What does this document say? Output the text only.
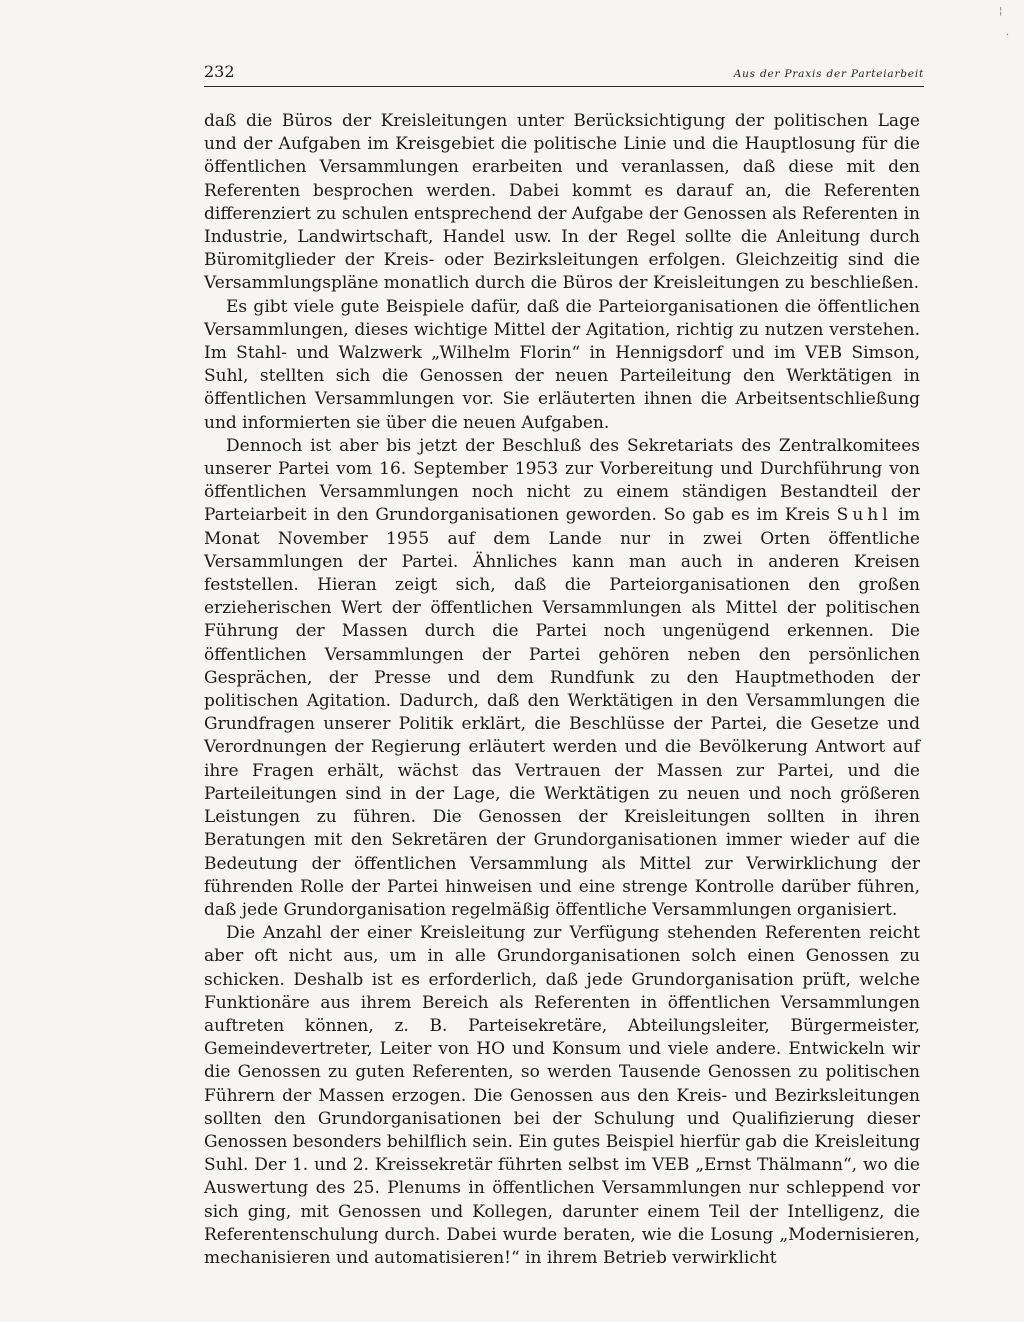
¦
·
232	Aus der Praxis der Parteiarbeit

daß die Büros der Kreisleitungen unter Berücksichtigung der politischen Lage und der Aufgaben im Kreisgebiet die politische Linie und die Hauptlosung für die öffentlichen Versammlungen erarbeiten und veranlassen, daß diese mit den Referenten besprochen werden. Dabei kommt es darauf an, die Referenten differenziert zu schulen entsprechend der Aufgabe der Genossen als Referenten in Industrie, Landwirtschaft, Handel usw. In der Regel sollte die Anleitung durch Büromitglieder der Kreis- oder Bezirksleitungen erfolgen. Gleichzeitig sind die Versammlungspläne monatlich durch die Büros der Kreisleitungen zu beschließen.

Es gibt viele gute Beispiele dafür, daß die Parteiorganisationen die öffentlichen Versammlungen, dieses wichtige Mittel der Agitation, richtig zu nutzen verstehen. Im Stahl- und Walzwerk „Wilhelm Florin“ in Hennigsdorf und im VEB Simson, Suhl, stellten sich die Genossen der neuen Parteileitung den Werktätigen in öffentlichen Versammlungen vor. Sie erläuterten ihnen die Arbeitsentschließung und informierten sie über die neuen Aufgaben.

Dennoch ist aber bis jetzt der Beschluß des Sekretariats des Zentralkomitees unserer Partei vom 16. September 1953 zur Vorbereitung und Durchführung von öffentlichen Versammlungen noch nicht zu einem ständigen Bestandteil der Parteiarbeit in den Grundorganisationen geworden. So gab es im Kreis Suhl im Monat November 1955 auf dem Lande nur in zwei Orten öffentliche Versammlungen der Partei. Ähnliches kann man auch in anderen Kreisen feststellen. Hieran zeigt sich, daß die Parteiorganisationen den großen erzieherischen Wert der öffentlichen Versammlungen als Mittel der politischen Führung der Massen durch die Partei noch ungenügend erkennen. Die öffentlichen Versammlungen der Partei gehören neben den persönlichen Gesprächen, der Presse und dem Rundfunk zu den Hauptmethoden der politischen Agitation. Dadurch, daß den Werktätigen in den Versammlungen die Grundfragen unserer Politik erklärt, die Beschlüsse der Partei, die Gesetze und Verordnungen der Regierung erläutert werden und die Bevölkerung Antwort auf ihre Fragen erhält, wächst das Vertrauen der Massen zur Partei, und die Parteileitungen sind in der Lage, die Werktätigen zu neuen und noch größeren Leistungen zu führen. Die Genossen der Kreisleitungen sollten in ihren Beratungen mit den Sekretären der Grundorganisationen immer wieder auf die Bedeutung der öffentlichen Versammlung als Mittel zur Verwirklichung der führenden Rolle der Partei hinweisen und eine strenge Kontrolle darüber führen, daß jede Grundorganisation regelmäßig öffentliche Versammlungen organisiert.

Die Anzahl der einer Kreisleitung zur Verfügung stehenden Referenten reicht aber oft nicht aus, um in alle Grundorganisationen solch einen Genossen zu schicken. Deshalb ist es erforderlich, daß jede Grundorganisation prüft, welche Funktionäre aus ihrem Bereich als Referenten in öffentlichen Versammlungen auftreten können, z. B. Parteisekretäre, Abteilungsleiter, Bürgermeister, Gemeindevertreter, Leiter von HO und Konsum und viele andere. Entwickeln wir die Genossen zu guten Referenten, so werden Tausende Genossen zu politischen Führern der Massen erzogen. Die Genossen aus den Kreis- und Bezirksleitungen sollten den Grundorganisationen bei der Schulung und Qualifizierung dieser Genossen besonders behilflich sein. Ein gutes Beispiel hierfür gab die Kreisleitung Suhl. Der 1. und 2. Kreissekretär führten selbst im VEB „Ernst Thälmann“, wo die Auswertung des 25. Plenums in öffentlichen Versammlungen nur schleppend vor sich ging, mit Genossen und Kollegen, darunter einem Teil der Intelligenz, die Referentenschulung durch. Dabei wurde beraten, wie die Losung „Modernisieren, mechanisieren und automatisieren!“ in ihrem Betrieb verwirklicht
